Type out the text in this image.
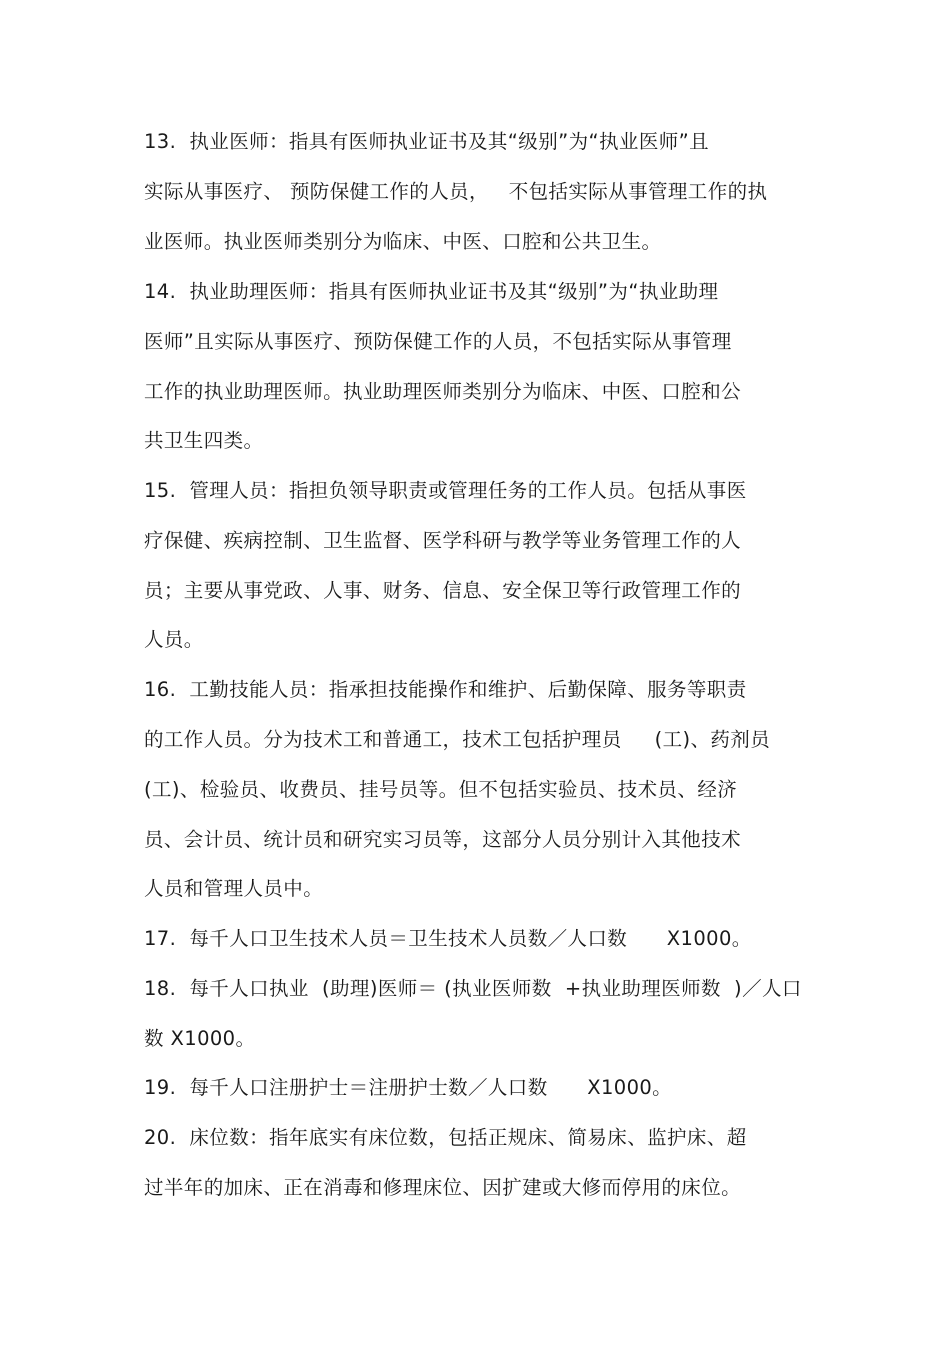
13.  执业医师：指具有医师执业证书及其“级别”为“执业医师”且
实际从事医疗、 预防保健工作的人员，   不包括实际从事管理工作的执
业医师。执业医师类别分为临床、中医、口腔和公共卫生。
14.  执业助理医师：指具有医师执业证书及其“级别”为“执业助理
医师”且实际从事医疗、预防保健工作的人员，不包括实际从事管理
工作的执业助理医师。执业助理医师类别分为临床、中医、口腔和公
共卫生四类。
15.  管理人员：指担负领导职责或管理任务的工作人员。包括从事医
疗保健、疾病控制、卫生监督、医学科研与教学等业务管理工作的人
员；主要从事党政、人事、财务、信息、安全保卫等行政管理工作的
人员。
16.  工勤技能人员：指承担技能操作和维护、后勤保障、服务等职责
的工作人员。分为技术工和普通工，技术工包括护理员     (工)、药剂员
(工)、检验员、收费员、挂号员等。但不包括实验员、技术员、经济
员、会计员、统计员和研究实习员等，这部分人员分别计入其他技术
人员和管理人员中。
17.  每千人口卫生技术人员＝卫生技术人员数／人口数      X1000。
18.  每千人口执业  (助理)医师＝ (执业医师数  +执业助理医师数  )／人口
数 X1000。
19.  每千人口注册护士＝注册护士数／人口数      X1000。
20.  床位数：指年底实有床位数，包括正规床、简易床、监护床、超
过半年的加床、正在消毒和修理床位、因扩建或大修而停用的床位。
